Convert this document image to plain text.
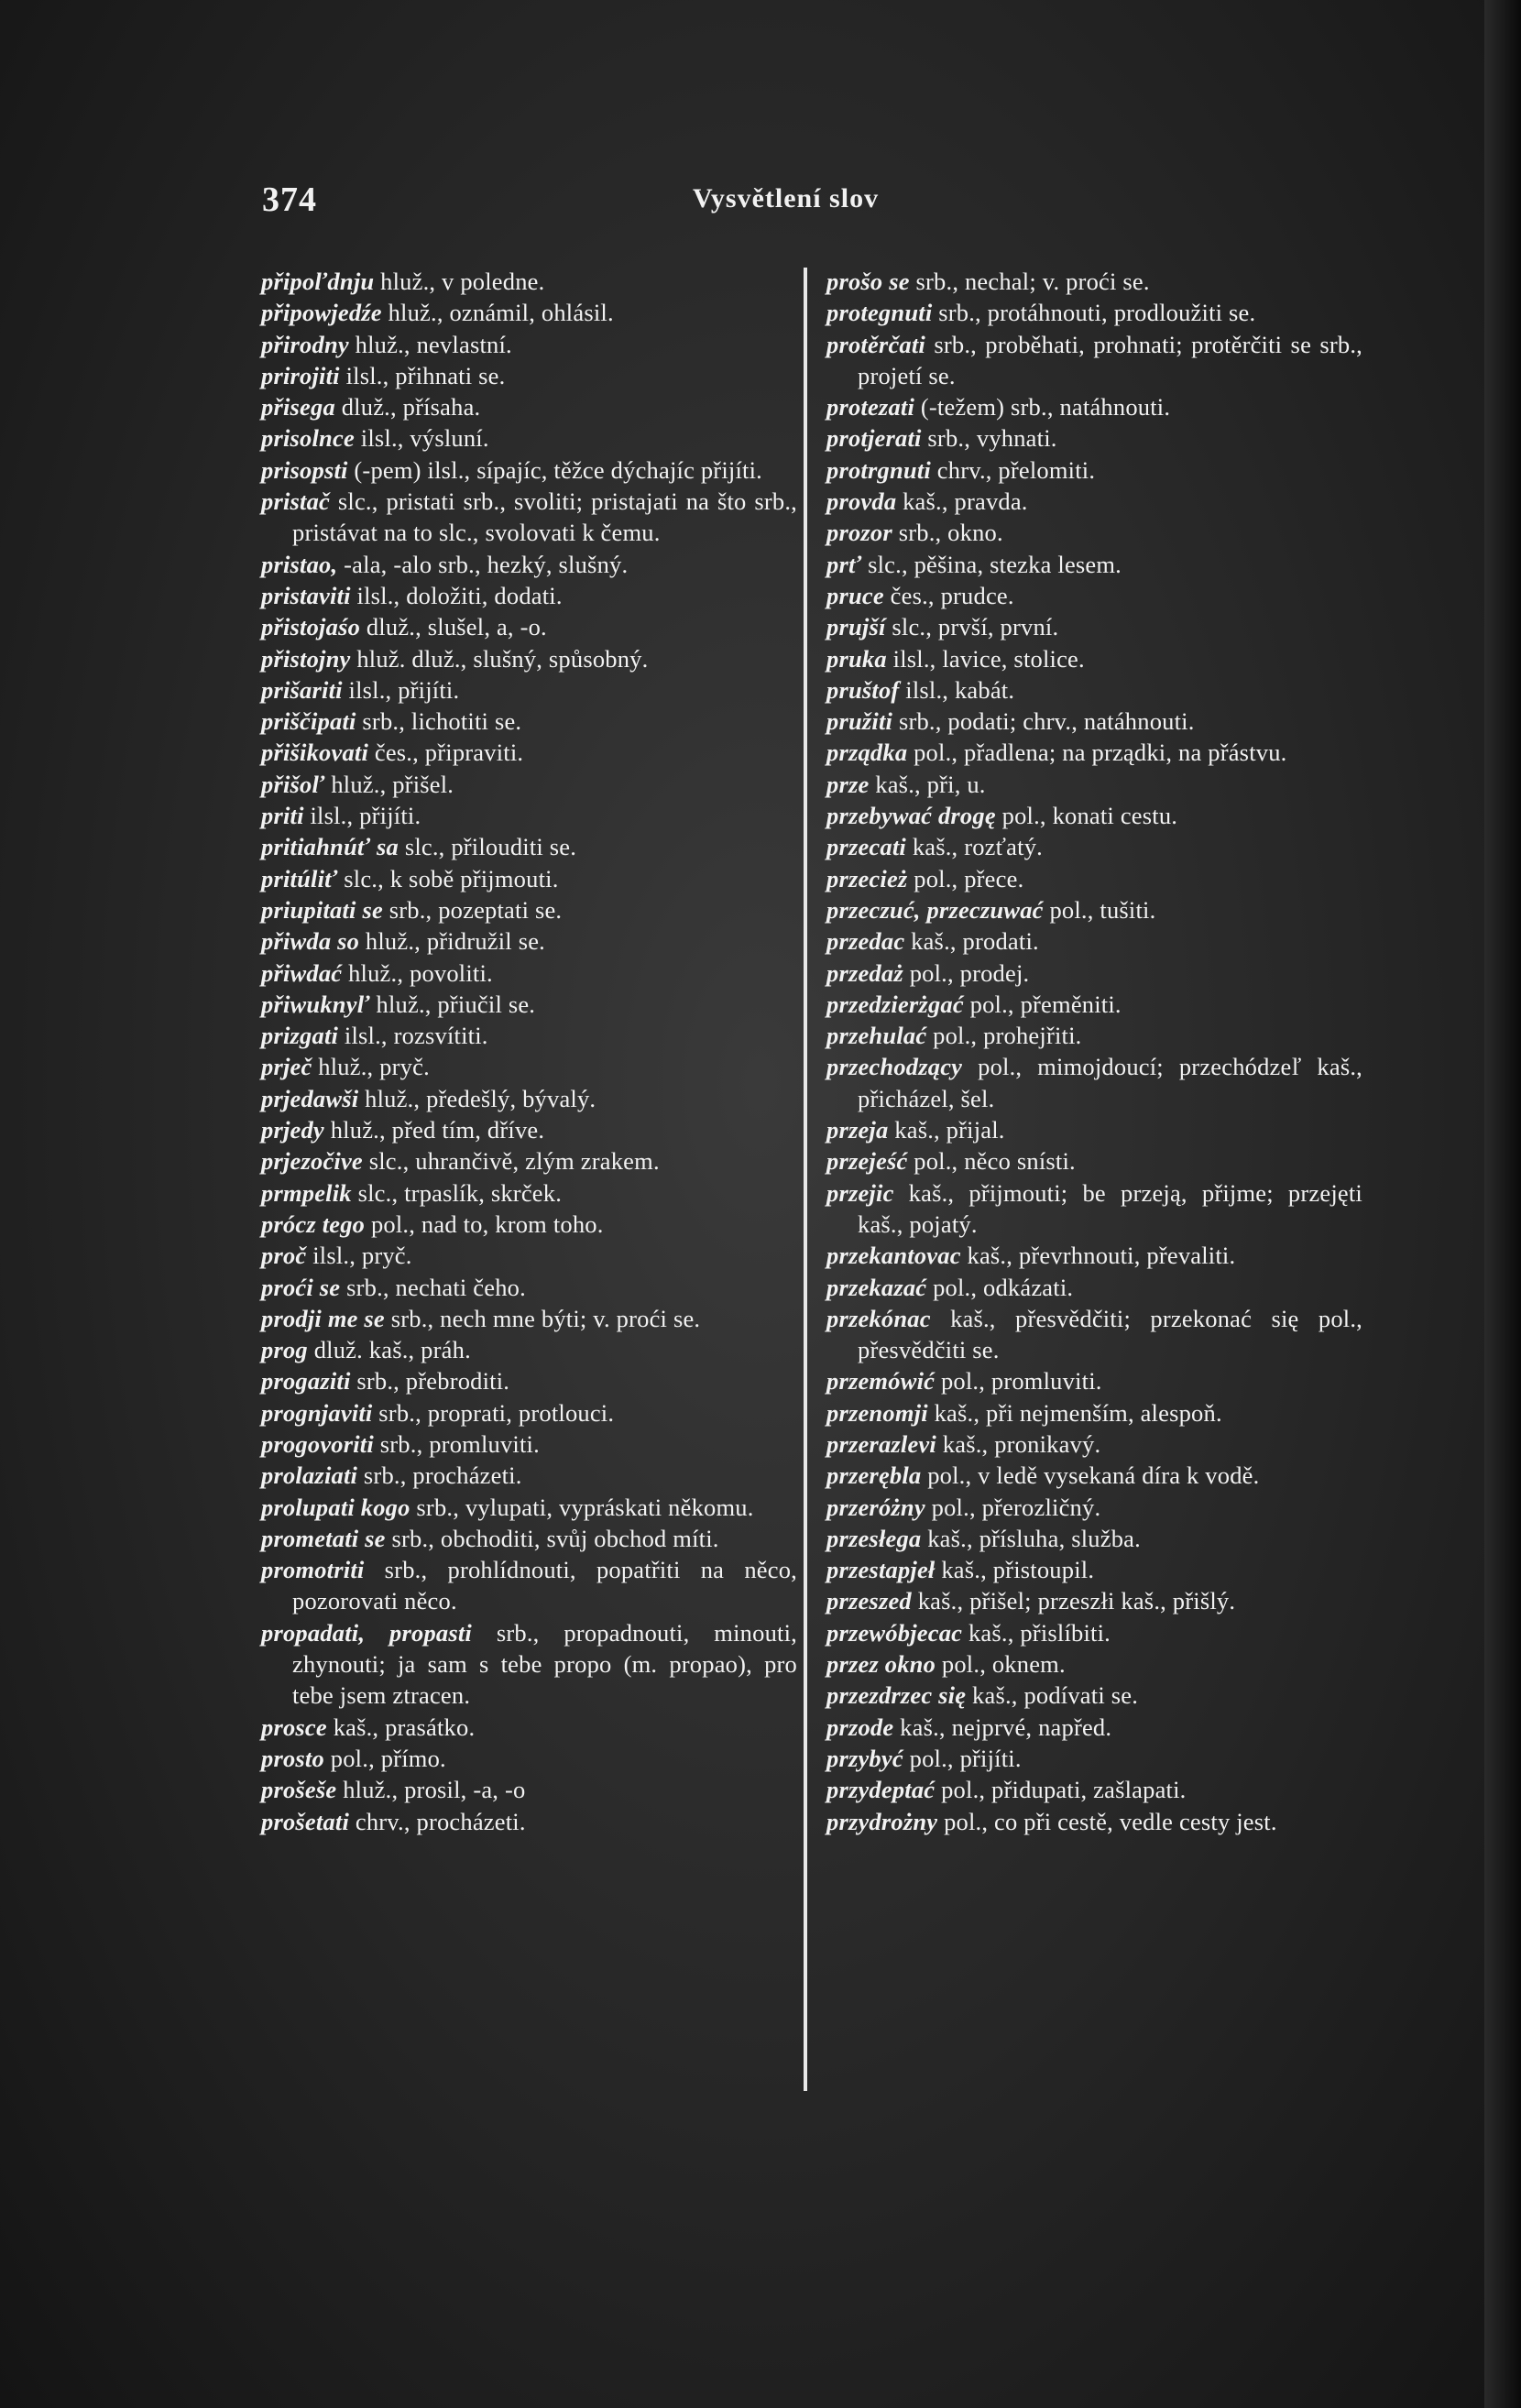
374	Vysvětlení slov
připoľdnju hluž., v poledne.
připowjedźe hluž., oznámil, ohlásil.
přirodny hluž., nevlastní.
prirojiti ilsl., přihnati se.
přisega dluž., přísaha.
prisolnce ilsl., výsluní.
prisopsti (-pem) ilsl., sípajíc, těžce dýchajíc přijíti.
pristač slc., pristati srb., svoliti; pristajati na što srb., pristávat na to slc., svolovati k čemu.
pristao, -ala, -alo srb., hezký, slušný.
pristaviti ilsl., doložiti, dodati.
přistojaśo dluž., slušel, a, -o.
přistojny hluž. dluž., slušný, spůsobný.
prišariti ilsl., přijíti.
priščipati srb., lichotiti se.
přišikovati čes., připraviti.
přišoľ hluž., přišel.
priti ilsl., přijíti.
pritiahnúť sa slc., přilouditi se.
pritúliť slc., k sobě přijmouti.
priupitati se srb., pozeptati se.
přiwda so hluž., přidružil se.
přiwdać hluž., povoliti.
přiwuknyľ hluž., přiučil se.
prizgati ilsl., rozsvítiti.
prječ hluž., pryč.
prjedawši hluž., předešlý, bývalý.
prjedy hluž., před tím, dříve.
prjezočive slc., uhrančivě, zlým zrakem.
prmpelik slc., trpaslík, skrček.
prócz tego pol., nad to, krom toho.
proč ilsl., pryč.
proći se srb., nechati čeho.
prodji me se srb., nech mne býti; v. proći se.
prog dluž. kaš., práh.
progaziti srb., přebroditi.
prognjaviti srb., proprati, protlouci.
progovoriti srb., promluviti.
prolaziati srb., procházeti.
prolupati kogo srb., vylupati, vypráskati někomu.
prometati se srb., obchoditi, svůj obchod míti.
promotriti srb., prohlídnouti, popatřiti na něco, pozorovati něco.
propadati, propasti srb., propadnouti, minouti, zhynouti; ja sam s tebe propo (m. propao), pro tebe jsem ztracen.
prosce kaš., prasátko.
prosto pol., přímo.
prošeše hluž., prosil, -a, -o
prošetati chrv., procházeti.
prošo se srb., nechal; v. proći se.
protegnuti srb., protáhnouti, prodloužiti se.
protěrčati srb., proběhati, prohnati; protěrčiti se srb., projetí se.
protezati (-težem) srb., natáhnouti.
protjerati srb., vyhnati.
protrgnuti chrv., přelomiti.
provda kaš., pravda.
prozor srb., okno.
prť slc., pěšina, stezka lesem.
pruce čes., prudce.
prujší slc., prvší, první.
pruka ilsl., lavice, stolice.
pruštof ilsl., kabát.
pružiti srb., podati; chrv., natáhnouti.
prządka pol., přadlena; na prządki, na přástvu.
prze kaš., při, u.
przebywać drogę pol., konati cestu.
przecati kaš., rozťatý.
przecież pol., přece.
przeczuć, przeczuwać pol., tušiti.
przedac kaš., prodati.
przedaż pol., prodej.
przedzierżgać pol., přeměniti.
przehulać pol., prohejřiti.
przechodzący pol., mimojdoucí; przechódzeľ kaš., přicházel, šel.
przeja kaš., přijal.
przejeść pol., něco snísti.
przejic kaš., přijmouti; be przeją, přijme; przejęti kaš., pojatý.
przekantovac kaš., převrhnouti, převaliti.
przekazać pol., odkázati.
przekónac kaš., přesvědčiti; przekonać się pol., přesvědčiti se.
przemówić pol., promluviti.
przenomji kaš., při nejmenším, alespoň.
przerazlevi kaš., pronikavý.
przerębla pol., v ledě vysekaná díra k vodě.
przeróżny pol., přerozličný.
przesłega kaš., přísluha, služba.
przestapjeł kaš., přistoupil.
przeszed kaš., přišel; przeszłi kaš., přišlý.
przewóbjecac kaš., přislíbiti.
przez okno pol., oknem.
przezdrzec się kaš., podívati se.
przode kaš., nejprvé, napřed.
przybyć pol., přijíti.
przydeptać pol., přidupati, zašlapati.
przydrożny pol., co při cestě, vedle cesty jest.
